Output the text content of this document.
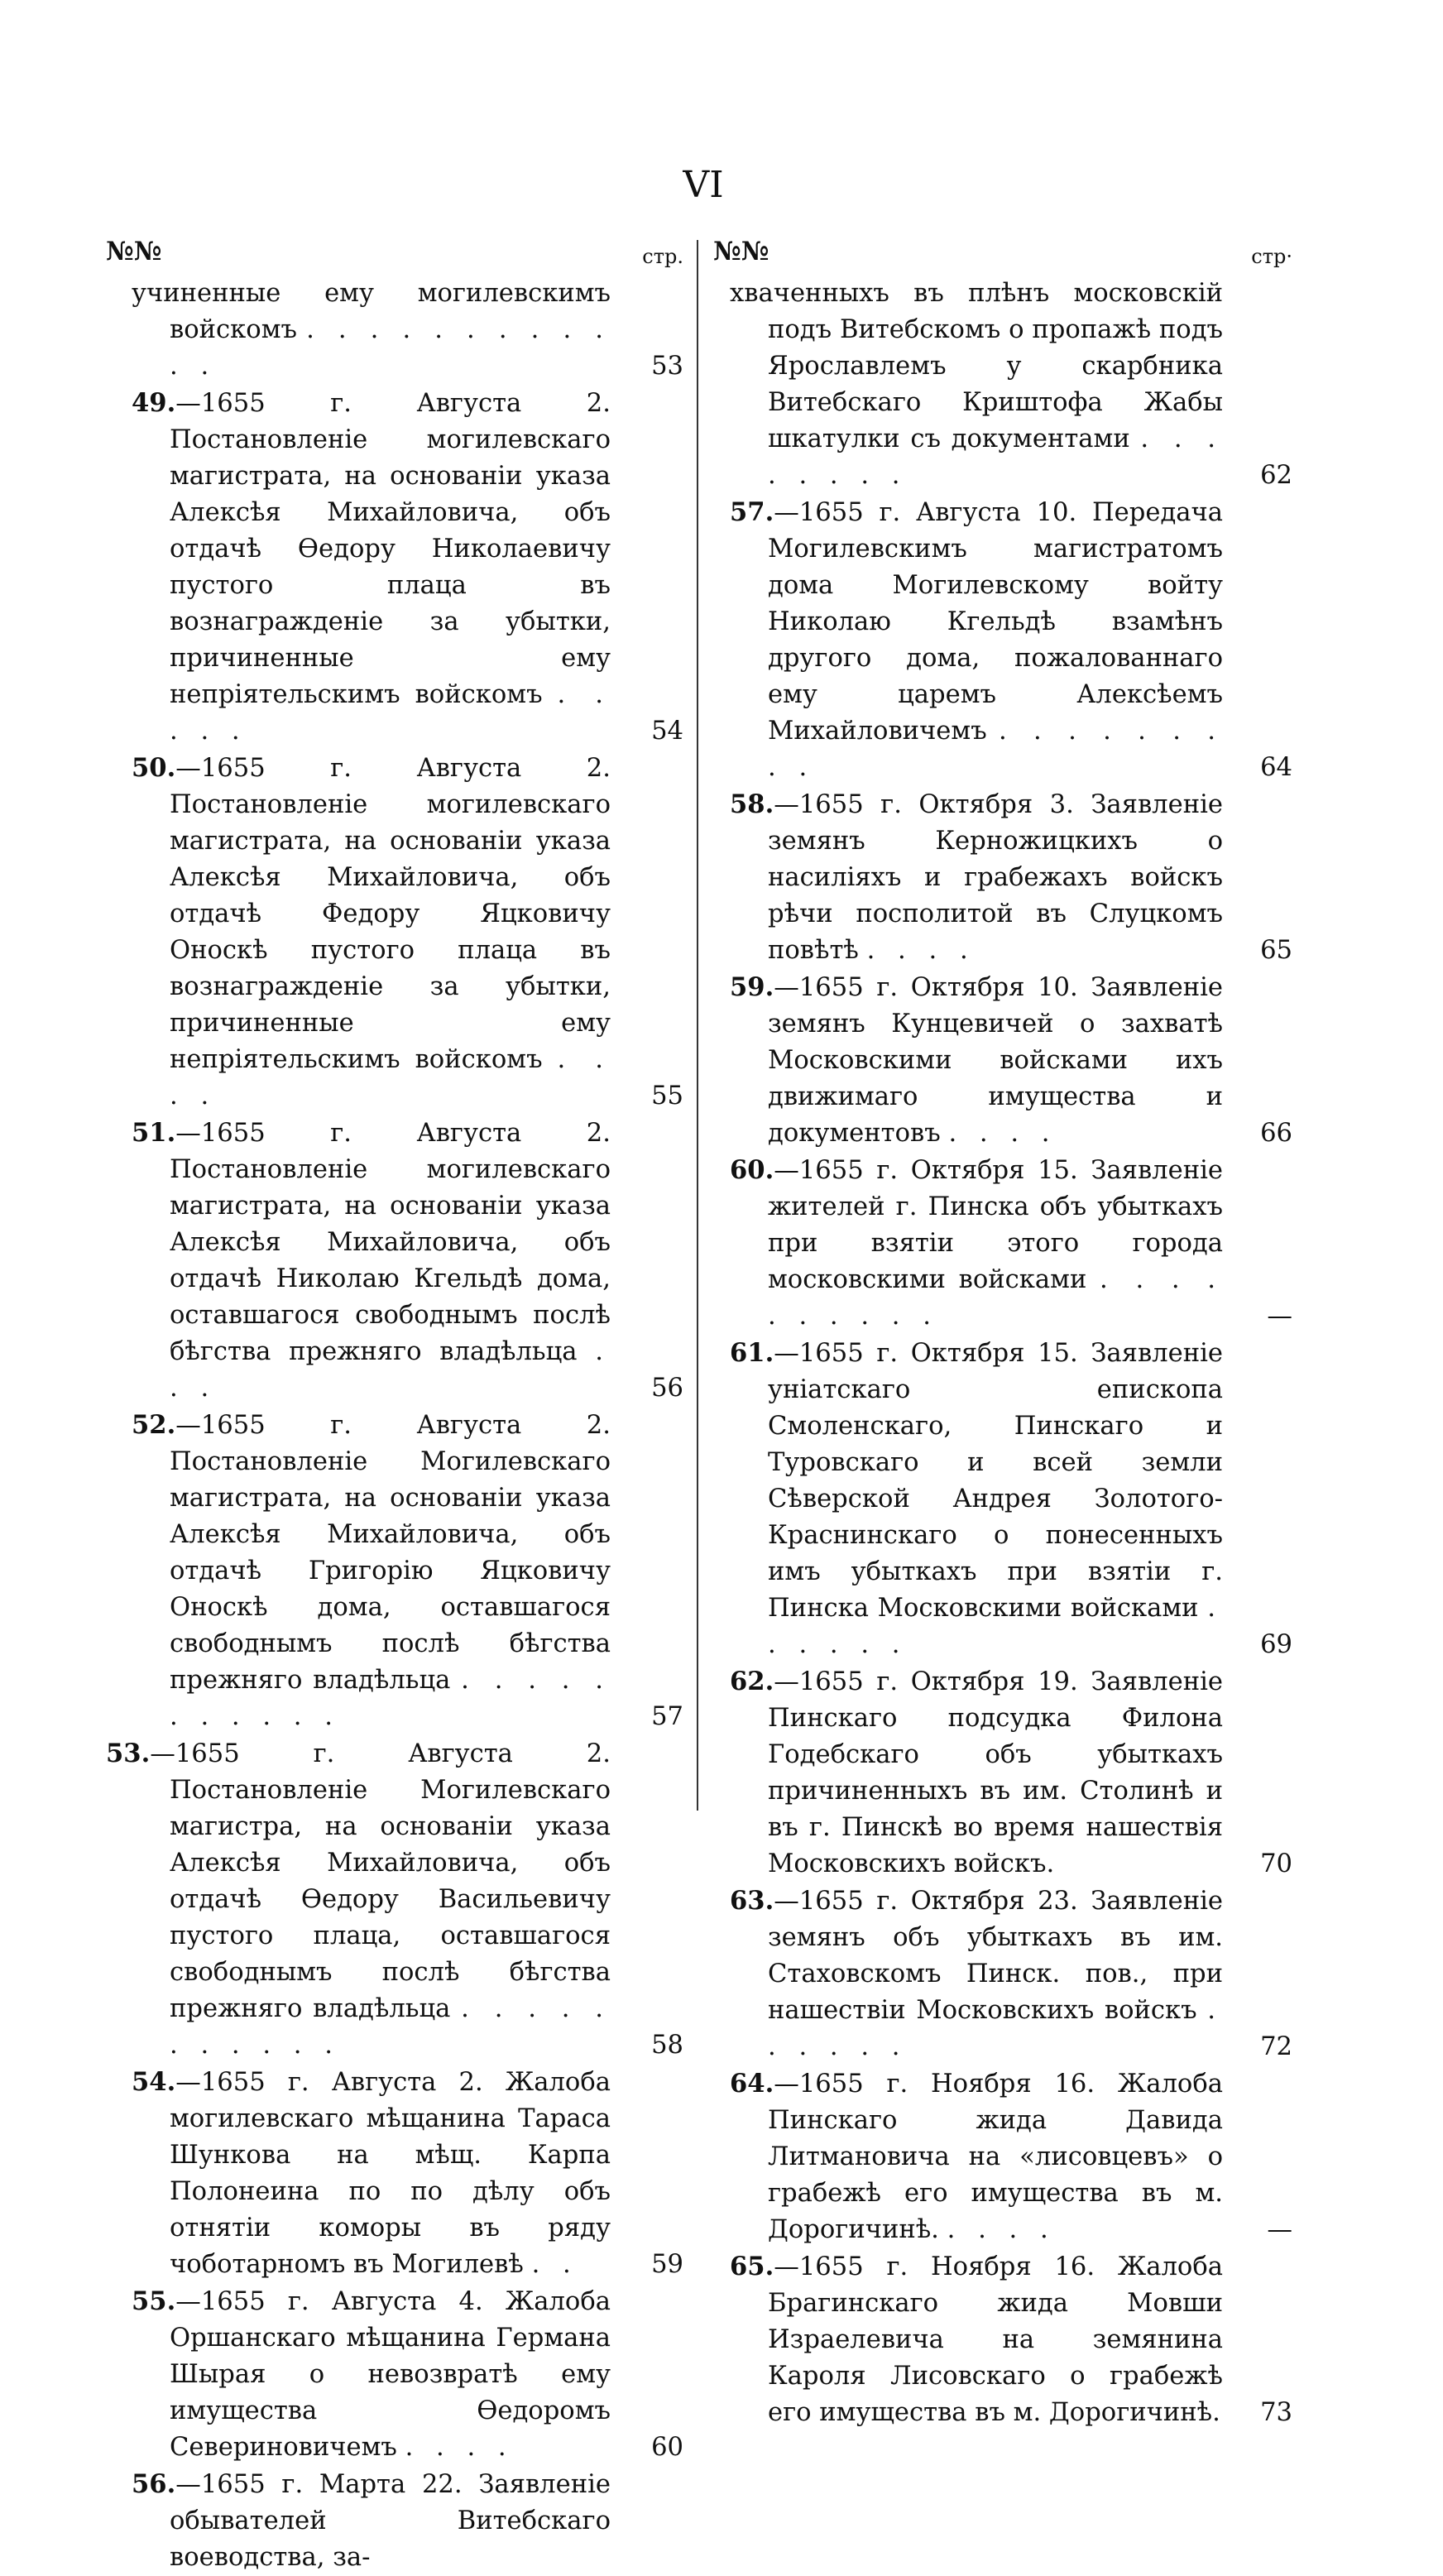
VI
№№	стр.
учиненные ему могилевскимъ войскомъ . . . . . . . . . . . .	53
49.—1655 г. Августа 2. Постановленіе могилевскаго магистрата, на основаніи указа Алексѣя Михайловича, объ отдачѣ Ѳедору Николаевичу пустого плаца въ вознагражденіе за убытки, причиненные ему непріятельскимъ войскомъ . . . . .	54
50.—1655 г. Августа 2. Постановленіе могилевскаго магистрата, на основаніи указа Алексѣя Михайловича, объ отдачѣ Федору Яцковичу Оноскѣ пустого плаца въ вознагражденіе за убытки, причиненные ему непріятельскимъ войскомъ . . . .	55
51.—1655 г. Августа 2. Постановленіе могилевскаго магистрата, на основаніи указа Алексѣя Михайловича, объ отдачѣ Николаю Кгельдѣ дома, оставшагося свободнымъ послѣ бѣгства прежняго владѣльца . . .	56
52.—1655 г. Августа 2. Постановленіе Могилевскаго магистрата, на основаніи указа Алексѣя Михайловича, объ отдачѣ Григорію Яцковичу Оноскѣ дома, оставшагося свободнымъ послѣ бѣгства прежняго владѣльца . . . . . . . . . . .	57
53.—1655 г. Августа 2. Постановленіе Могилевскаго магистра, на основаніи указа Алексѣя Михайловича, объ отдачѣ Ѳедору Васильевичу пустого плаца, оставшагося свободнымъ послѣ бѣгства прежняго владѣльца . . . . . . . . . . .	58
54.—1655 г. Августа 2. Жалоба могилевскаго мѣщанина Тараса Шункова на мѣщ. Карпа Полонеина по по дѣлу объ отнятіи коморы въ ряду чоботарномъ въ Могилевѣ . .	59
55.—1655 г. Августа 4. Жалоба Оршанскаго мѣщанина Германа Шырая о невозвратѣ ему имущества Ѳедоромъ Севериновичемъ . . . .	60
56.—1655 г. Марта 22. Заявленіе обывателей Витебскаго воеводства, за-
№№	стр·
хваченныхъ въ плѣнъ московскій подъ Витебскомъ о пропажѣ подъ Ярославлемъ у скарбника Витебскаго Криштофа Жабы шкатулки съ документами . . . . . . . .	62
57.—1655 г. Августа 10. Передача Могилевскимъ магистратомъ дома Могилевскому войту Николаю Кгельдѣ взамѣнъ другого дома, пожалованнаго ему царемъ Алексѣемъ Михайловичемъ . . . . . . . . .	64
58.—1655 г. Октября 3. Заявленіе земянъ Керножицкихъ о насиліяхъ и грабежахъ войскъ рѣчи посполитой въ Слуцкомъ повѣтѣ . . . .	65
59.—1655 г. Октября 10. Заявленіе земянъ Кунцевичей о захватѣ Московскими войсками ихъ движимаго имущества и документовъ . . . .	66
60.—1655 г. Октября 15. Заявленіе жителей г. Пинска объ убыткахъ при взятіи этого города московскими войсками . . . . . . . . . .	—
61.—1655 г. Октября 15. Заявленіе уніатскаго епископа Смоленскаго, Пинскаго и Туровскаго и всей земли Сѣверской Андрея Золотого-Краснинскаго о понесенныхъ имъ убыткахъ при взятіи г. Пинска Московскими войсками . . . . . .	69
62.—1655 г. Октября 19. Заявленіе Пинскаго подсудка Филона Годебскаго объ убыткахъ причиненныхъ въ им. Столинѣ и въ г. Пинскѣ во время нашествія Московскихъ войскъ.	70
63.—1655 г. Октября 23. Заявленіе земянъ объ убыткахъ въ им. Стаховскомъ Пинск. пов., при нашествіи Московскихъ войскъ . . . . . .	72
64.—1655 г. Ноября 16. Жалоба Пинскаго жида Давида Литмановича на «лисовцевъ» о грабежѣ его имущества въ м. Дорогичинѣ. . . . .	—
65.—1655 г. Ноября 16. Жалоба Брагинскаго жида Мовши Израелевича на земянина Кароля Лисовскаго о грабежѣ его имущества въ м. Дорогичинѣ.	73
